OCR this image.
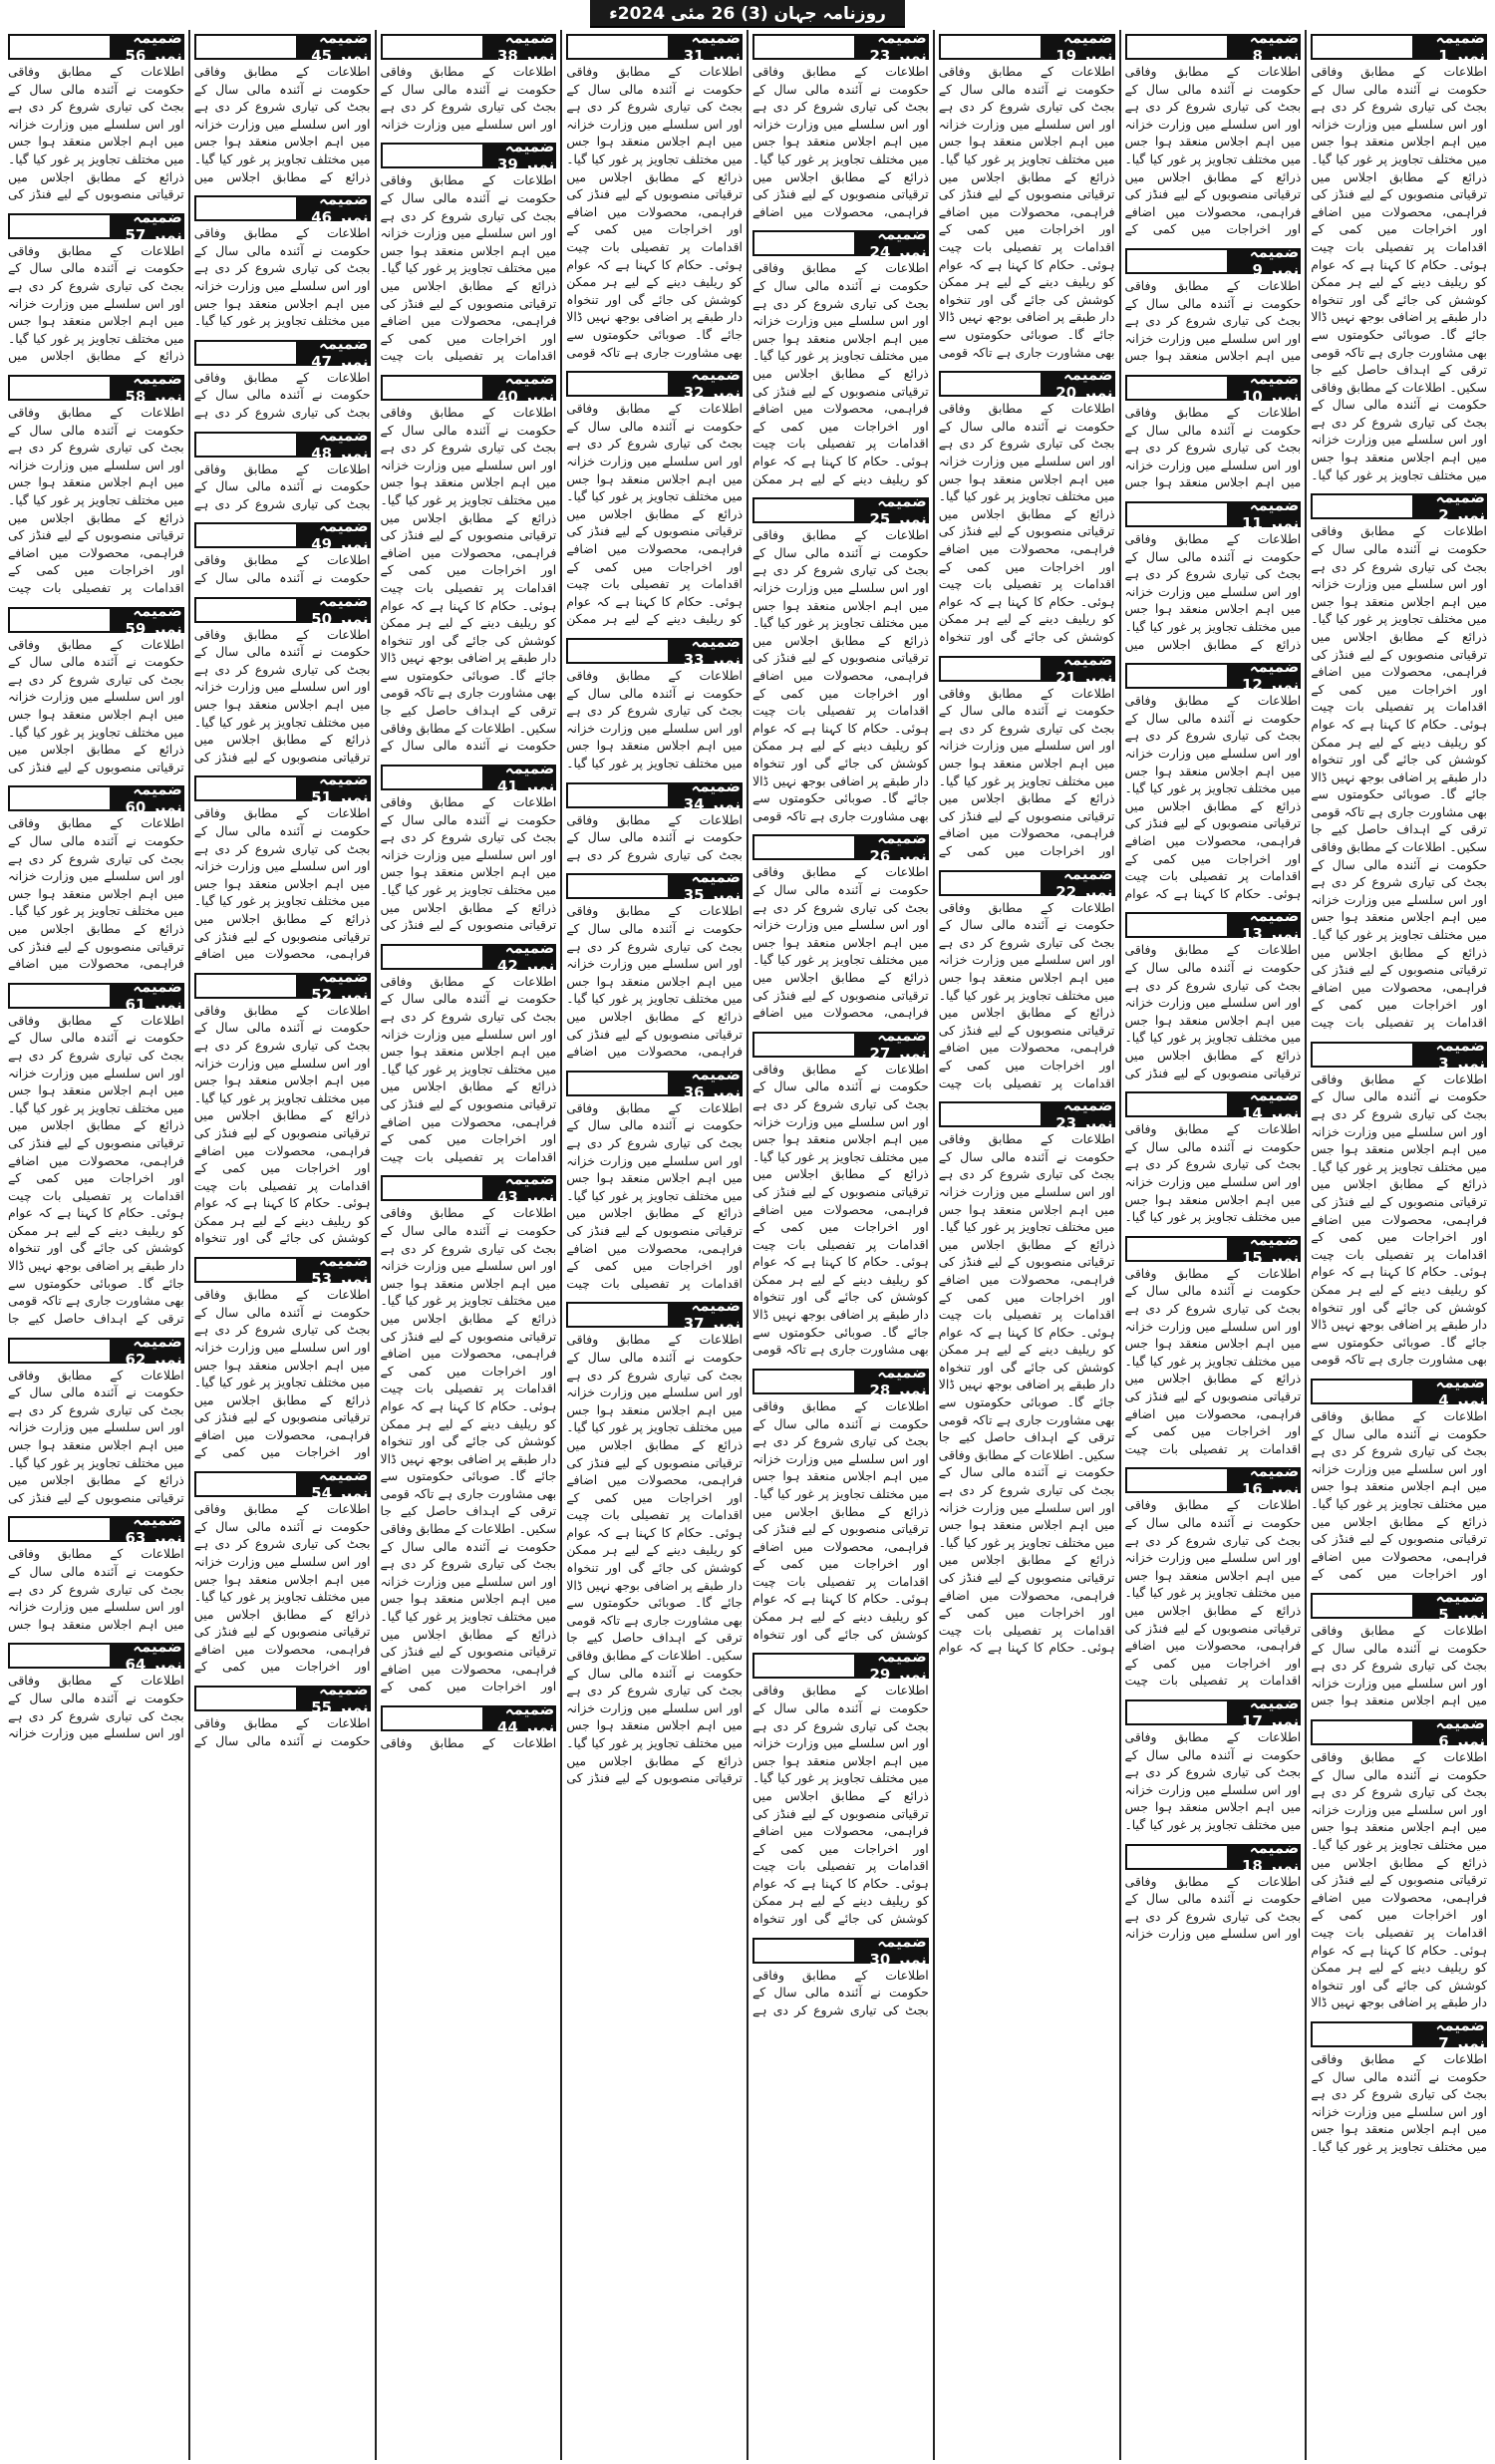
روزنامہ جہان (3) 26 مئی 2024ء
ضمیمہ نمبر 1
اطلاعات کے مطابق وفاقی حکومت نے آئندہ مالی سال کے بجٹ کی تیاری شروع کر دی ہے اور اس سلسلے میں وزارت خزانہ میں اہم اجلاس منعقد ہوا جس میں مختلف تجاویز پر غور کیا گیا۔ ذرائع کے مطابق اجلاس میں ترقیاتی منصوبوں کے لیے فنڈز کی فراہمی، محصولات میں اضافے اور اخراجات میں کمی کے اقدامات پر تفصیلی بات چیت ہوئی۔ حکام کا کہنا ہے کہ عوام کو ریلیف دینے کے لیے ہر ممکن کوشش کی جائے گی اور تنخواہ دار طبقے پر اضافی بوجھ نہیں ڈالا جائے گا۔ صوبائی حکومتوں سے بھی مشاورت جاری ہے تاکہ قومی ترقی کے اہداف حاصل کیے جا سکیں۔ اطلاعات کے مطابق وفاقی حکومت نے آئندہ مالی سال کے بجٹ کی تیاری شروع کر دی ہے اور اس سلسلے میں وزارت خزانہ میں اہم اجلاس منعقد ہوا جس میں مختلف تجاویز پر غور کیا گیا۔
ضمیمہ نمبر 2
اطلاعات کے مطابق وفاقی حکومت نے آئندہ مالی سال کے بجٹ کی تیاری شروع کر دی ہے اور اس سلسلے میں وزارت خزانہ میں اہم اجلاس منعقد ہوا جس میں مختلف تجاویز پر غور کیا گیا۔ ذرائع کے مطابق اجلاس میں ترقیاتی منصوبوں کے لیے فنڈز کی فراہمی، محصولات میں اضافے اور اخراجات میں کمی کے اقدامات پر تفصیلی بات چیت ہوئی۔ حکام کا کہنا ہے کہ عوام کو ریلیف دینے کے لیے ہر ممکن کوشش کی جائے گی اور تنخواہ دار طبقے پر اضافی بوجھ نہیں ڈالا جائے گا۔ صوبائی حکومتوں سے بھی مشاورت جاری ہے تاکہ قومی ترقی کے اہداف حاصل کیے جا سکیں۔ اطلاعات کے مطابق وفاقی حکومت نے آئندہ مالی سال کے بجٹ کی تیاری شروع کر دی ہے اور اس سلسلے میں وزارت خزانہ میں اہم اجلاس منعقد ہوا جس میں مختلف تجاویز پر غور کیا گیا۔ ذرائع کے مطابق اجلاس میں ترقیاتی منصوبوں کے لیے فنڈز کی فراہمی، محصولات میں اضافے اور اخراجات میں کمی کے اقدامات پر تفصیلی بات چیت
ضمیمہ نمبر 3
اطلاعات کے مطابق وفاقی حکومت نے آئندہ مالی سال کے بجٹ کی تیاری شروع کر دی ہے اور اس سلسلے میں وزارت خزانہ میں اہم اجلاس منعقد ہوا جس میں مختلف تجاویز پر غور کیا گیا۔ ذرائع کے مطابق اجلاس میں ترقیاتی منصوبوں کے لیے فنڈز کی فراہمی، محصولات میں اضافے اور اخراجات میں کمی کے اقدامات پر تفصیلی بات چیت ہوئی۔ حکام کا کہنا ہے کہ عوام کو ریلیف دینے کے لیے ہر ممکن کوشش کی جائے گی اور تنخواہ دار طبقے پر اضافی بوجھ نہیں ڈالا جائے گا۔ صوبائی حکومتوں سے بھی مشاورت جاری ہے تاکہ قومی
ضمیمہ نمبر 4
اطلاعات کے مطابق وفاقی حکومت نے آئندہ مالی سال کے بجٹ کی تیاری شروع کر دی ہے اور اس سلسلے میں وزارت خزانہ میں اہم اجلاس منعقد ہوا جس میں مختلف تجاویز پر غور کیا گیا۔ ذرائع کے مطابق اجلاس میں ترقیاتی منصوبوں کے لیے فنڈز کی فراہمی، محصولات میں اضافے اور اخراجات میں کمی کے
ضمیمہ نمبر 5
اطلاعات کے مطابق وفاقی حکومت نے آئندہ مالی سال کے بجٹ کی تیاری شروع کر دی ہے اور اس سلسلے میں وزارت خزانہ میں اہم اجلاس منعقد ہوا جس
ضمیمہ نمبر 6
اطلاعات کے مطابق وفاقی حکومت نے آئندہ مالی سال کے بجٹ کی تیاری شروع کر دی ہے اور اس سلسلے میں وزارت خزانہ میں اہم اجلاس منعقد ہوا جس میں مختلف تجاویز پر غور کیا گیا۔ ذرائع کے مطابق اجلاس میں ترقیاتی منصوبوں کے لیے فنڈز کی فراہمی، محصولات میں اضافے اور اخراجات میں کمی کے اقدامات پر تفصیلی بات چیت ہوئی۔ حکام کا کہنا ہے کہ عوام کو ریلیف دینے کے لیے ہر ممکن کوشش کی جائے گی اور تنخواہ دار طبقے پر اضافی بوجھ نہیں ڈالا
ضمیمہ نمبر 7
اطلاعات کے مطابق وفاقی حکومت نے آئندہ مالی سال کے بجٹ کی تیاری شروع کر دی ہے اور اس سلسلے میں وزارت خزانہ میں اہم اجلاس منعقد ہوا جس میں مختلف تجاویز پر غور کیا گیا۔
ضمیمہ نمبر 8
اطلاعات کے مطابق وفاقی حکومت نے آئندہ مالی سال کے بجٹ کی تیاری شروع کر دی ہے اور اس سلسلے میں وزارت خزانہ میں اہم اجلاس منعقد ہوا جس میں مختلف تجاویز پر غور کیا گیا۔ ذرائع کے مطابق اجلاس میں ترقیاتی منصوبوں کے لیے فنڈز کی فراہمی، محصولات میں اضافے اور اخراجات میں کمی کے
ضمیمہ نمبر 9
اطلاعات کے مطابق وفاقی حکومت نے آئندہ مالی سال کے بجٹ کی تیاری شروع کر دی ہے اور اس سلسلے میں وزارت خزانہ میں اہم اجلاس منعقد ہوا جس
ضمیمہ نمبر 10
اطلاعات کے مطابق وفاقی حکومت نے آئندہ مالی سال کے بجٹ کی تیاری شروع کر دی ہے اور اس سلسلے میں وزارت خزانہ میں اہم اجلاس منعقد ہوا جس
ضمیمہ نمبر 11
اطلاعات کے مطابق وفاقی حکومت نے آئندہ مالی سال کے بجٹ کی تیاری شروع کر دی ہے اور اس سلسلے میں وزارت خزانہ میں اہم اجلاس منعقد ہوا جس میں مختلف تجاویز پر غور کیا گیا۔ ذرائع کے مطابق اجلاس میں
ضمیمہ نمبر 12
اطلاعات کے مطابق وفاقی حکومت نے آئندہ مالی سال کے بجٹ کی تیاری شروع کر دی ہے اور اس سلسلے میں وزارت خزانہ میں اہم اجلاس منعقد ہوا جس میں مختلف تجاویز پر غور کیا گیا۔ ذرائع کے مطابق اجلاس میں ترقیاتی منصوبوں کے لیے فنڈز کی فراہمی، محصولات میں اضافے اور اخراجات میں کمی کے اقدامات پر تفصیلی بات چیت ہوئی۔ حکام کا کہنا ہے کہ عوام
ضمیمہ نمبر 13
اطلاعات کے مطابق وفاقی حکومت نے آئندہ مالی سال کے بجٹ کی تیاری شروع کر دی ہے اور اس سلسلے میں وزارت خزانہ میں اہم اجلاس منعقد ہوا جس میں مختلف تجاویز پر غور کیا گیا۔ ذرائع کے مطابق اجلاس میں ترقیاتی منصوبوں کے لیے فنڈز کی
ضمیمہ نمبر 14
اطلاعات کے مطابق وفاقی حکومت نے آئندہ مالی سال کے بجٹ کی تیاری شروع کر دی ہے اور اس سلسلے میں وزارت خزانہ میں اہم اجلاس منعقد ہوا جس میں مختلف تجاویز پر غور کیا گیا۔
ضمیمہ نمبر 15
اطلاعات کے مطابق وفاقی حکومت نے آئندہ مالی سال کے بجٹ کی تیاری شروع کر دی ہے اور اس سلسلے میں وزارت خزانہ میں اہم اجلاس منعقد ہوا جس میں مختلف تجاویز پر غور کیا گیا۔ ذرائع کے مطابق اجلاس میں ترقیاتی منصوبوں کے لیے فنڈز کی فراہمی، محصولات میں اضافے اور اخراجات میں کمی کے اقدامات پر تفصیلی بات چیت
ضمیمہ نمبر 16
اطلاعات کے مطابق وفاقی حکومت نے آئندہ مالی سال کے بجٹ کی تیاری شروع کر دی ہے اور اس سلسلے میں وزارت خزانہ میں اہم اجلاس منعقد ہوا جس میں مختلف تجاویز پر غور کیا گیا۔ ذرائع کے مطابق اجلاس میں ترقیاتی منصوبوں کے لیے فنڈز کی فراہمی، محصولات میں اضافے اور اخراجات میں کمی کے اقدامات پر تفصیلی بات چیت
ضمیمہ نمبر 17
اطلاعات کے مطابق وفاقی حکومت نے آئندہ مالی سال کے بجٹ کی تیاری شروع کر دی ہے اور اس سلسلے میں وزارت خزانہ میں اہم اجلاس منعقد ہوا جس میں مختلف تجاویز پر غور کیا گیا۔
ضمیمہ نمبر 18
اطلاعات کے مطابق وفاقی حکومت نے آئندہ مالی سال کے بجٹ کی تیاری شروع کر دی ہے اور اس سلسلے میں وزارت خزانہ
ضمیمہ نمبر 19
اطلاعات کے مطابق وفاقی حکومت نے آئندہ مالی سال کے بجٹ کی تیاری شروع کر دی ہے اور اس سلسلے میں وزارت خزانہ میں اہم اجلاس منعقد ہوا جس میں مختلف تجاویز پر غور کیا گیا۔ ذرائع کے مطابق اجلاس میں ترقیاتی منصوبوں کے لیے فنڈز کی فراہمی، محصولات میں اضافے اور اخراجات میں کمی کے اقدامات پر تفصیلی بات چیت ہوئی۔ حکام کا کہنا ہے کہ عوام کو ریلیف دینے کے لیے ہر ممکن کوشش کی جائے گی اور تنخواہ دار طبقے پر اضافی بوجھ نہیں ڈالا جائے گا۔ صوبائی حکومتوں سے بھی مشاورت جاری ہے تاکہ قومی
ضمیمہ نمبر 20
اطلاعات کے مطابق وفاقی حکومت نے آئندہ مالی سال کے بجٹ کی تیاری شروع کر دی ہے اور اس سلسلے میں وزارت خزانہ میں اہم اجلاس منعقد ہوا جس میں مختلف تجاویز پر غور کیا گیا۔ ذرائع کے مطابق اجلاس میں ترقیاتی منصوبوں کے لیے فنڈز کی فراہمی، محصولات میں اضافے اور اخراجات میں کمی کے اقدامات پر تفصیلی بات چیت ہوئی۔ حکام کا کہنا ہے کہ عوام کو ریلیف دینے کے لیے ہر ممکن کوشش کی جائے گی اور تنخواہ
ضمیمہ نمبر 21
اطلاعات کے مطابق وفاقی حکومت نے آئندہ مالی سال کے بجٹ کی تیاری شروع کر دی ہے اور اس سلسلے میں وزارت خزانہ میں اہم اجلاس منعقد ہوا جس میں مختلف تجاویز پر غور کیا گیا۔ ذرائع کے مطابق اجلاس میں ترقیاتی منصوبوں کے لیے فنڈز کی فراہمی، محصولات میں اضافے اور اخراجات میں کمی کے
ضمیمہ نمبر 22
اطلاعات کے مطابق وفاقی حکومت نے آئندہ مالی سال کے بجٹ کی تیاری شروع کر دی ہے اور اس سلسلے میں وزارت خزانہ میں اہم اجلاس منعقد ہوا جس میں مختلف تجاویز پر غور کیا گیا۔ ذرائع کے مطابق اجلاس میں ترقیاتی منصوبوں کے لیے فنڈز کی فراہمی، محصولات میں اضافے اور اخراجات میں کمی کے اقدامات پر تفصیلی بات چیت
ضمیمہ نمبر 23
اطلاعات کے مطابق وفاقی حکومت نے آئندہ مالی سال کے بجٹ کی تیاری شروع کر دی ہے اور اس سلسلے میں وزارت خزانہ میں اہم اجلاس منعقد ہوا جس میں مختلف تجاویز پر غور کیا گیا۔ ذرائع کے مطابق اجلاس میں ترقیاتی منصوبوں کے لیے فنڈز کی فراہمی، محصولات میں اضافے اور اخراجات میں کمی کے اقدامات پر تفصیلی بات چیت ہوئی۔ حکام کا کہنا ہے کہ عوام کو ریلیف دینے کے لیے ہر ممکن کوشش کی جائے گی اور تنخواہ دار طبقے پر اضافی بوجھ نہیں ڈالا جائے گا۔ صوبائی حکومتوں سے بھی مشاورت جاری ہے تاکہ قومی ترقی کے اہداف حاصل کیے جا سکیں۔ اطلاعات کے مطابق وفاقی حکومت نے آئندہ مالی سال کے بجٹ کی تیاری شروع کر دی ہے اور اس سلسلے میں وزارت خزانہ میں اہم اجلاس منعقد ہوا جس میں مختلف تجاویز پر غور کیا گیا۔ ذرائع کے مطابق اجلاس میں ترقیاتی منصوبوں کے لیے فنڈز کی فراہمی، محصولات میں اضافے اور اخراجات میں کمی کے اقدامات پر تفصیلی بات چیت ہوئی۔ حکام کا کہنا ہے کہ عوام
ضمیمہ نمبر 23
اطلاعات کے مطابق وفاقی حکومت نے آئندہ مالی سال کے بجٹ کی تیاری شروع کر دی ہے اور اس سلسلے میں وزارت خزانہ میں اہم اجلاس منعقد ہوا جس میں مختلف تجاویز پر غور کیا گیا۔ ذرائع کے مطابق اجلاس میں ترقیاتی منصوبوں کے لیے فنڈز کی فراہمی، محصولات میں اضافے
ضمیمہ نمبر 24
اطلاعات کے مطابق وفاقی حکومت نے آئندہ مالی سال کے بجٹ کی تیاری شروع کر دی ہے اور اس سلسلے میں وزارت خزانہ میں اہم اجلاس منعقد ہوا جس میں مختلف تجاویز پر غور کیا گیا۔ ذرائع کے مطابق اجلاس میں ترقیاتی منصوبوں کے لیے فنڈز کی فراہمی، محصولات میں اضافے اور اخراجات میں کمی کے اقدامات پر تفصیلی بات چیت ہوئی۔ حکام کا کہنا ہے کہ عوام کو ریلیف دینے کے لیے ہر ممکن
ضمیمہ نمبر 25
اطلاعات کے مطابق وفاقی حکومت نے آئندہ مالی سال کے بجٹ کی تیاری شروع کر دی ہے اور اس سلسلے میں وزارت خزانہ میں اہم اجلاس منعقد ہوا جس میں مختلف تجاویز پر غور کیا گیا۔ ذرائع کے مطابق اجلاس میں ترقیاتی منصوبوں کے لیے فنڈز کی فراہمی، محصولات میں اضافے اور اخراجات میں کمی کے اقدامات پر تفصیلی بات چیت ہوئی۔ حکام کا کہنا ہے کہ عوام کو ریلیف دینے کے لیے ہر ممکن کوشش کی جائے گی اور تنخواہ دار طبقے پر اضافی بوجھ نہیں ڈالا جائے گا۔ صوبائی حکومتوں سے بھی مشاورت جاری ہے تاکہ قومی
ضمیمہ نمبر 26
اطلاعات کے مطابق وفاقی حکومت نے آئندہ مالی سال کے بجٹ کی تیاری شروع کر دی ہے اور اس سلسلے میں وزارت خزانہ میں اہم اجلاس منعقد ہوا جس میں مختلف تجاویز پر غور کیا گیا۔ ذرائع کے مطابق اجلاس میں ترقیاتی منصوبوں کے لیے فنڈز کی فراہمی، محصولات میں اضافے
ضمیمہ نمبر 27
اطلاعات کے مطابق وفاقی حکومت نے آئندہ مالی سال کے بجٹ کی تیاری شروع کر دی ہے اور اس سلسلے میں وزارت خزانہ میں اہم اجلاس منعقد ہوا جس میں مختلف تجاویز پر غور کیا گیا۔ ذرائع کے مطابق اجلاس میں ترقیاتی منصوبوں کے لیے فنڈز کی فراہمی، محصولات میں اضافے اور اخراجات میں کمی کے اقدامات پر تفصیلی بات چیت ہوئی۔ حکام کا کہنا ہے کہ عوام کو ریلیف دینے کے لیے ہر ممکن کوشش کی جائے گی اور تنخواہ دار طبقے پر اضافی بوجھ نہیں ڈالا جائے گا۔ صوبائی حکومتوں سے بھی مشاورت جاری ہے تاکہ قومی
ضمیمہ نمبر 28
اطلاعات کے مطابق وفاقی حکومت نے آئندہ مالی سال کے بجٹ کی تیاری شروع کر دی ہے اور اس سلسلے میں وزارت خزانہ میں اہم اجلاس منعقد ہوا جس میں مختلف تجاویز پر غور کیا گیا۔ ذرائع کے مطابق اجلاس میں ترقیاتی منصوبوں کے لیے فنڈز کی فراہمی، محصولات میں اضافے اور اخراجات میں کمی کے اقدامات پر تفصیلی بات چیت ہوئی۔ حکام کا کہنا ہے کہ عوام کو ریلیف دینے کے لیے ہر ممکن کوشش کی جائے گی اور تنخواہ
ضمیمہ نمبر 29
اطلاعات کے مطابق وفاقی حکومت نے آئندہ مالی سال کے بجٹ کی تیاری شروع کر دی ہے اور اس سلسلے میں وزارت خزانہ میں اہم اجلاس منعقد ہوا جس میں مختلف تجاویز پر غور کیا گیا۔ ذرائع کے مطابق اجلاس میں ترقیاتی منصوبوں کے لیے فنڈز کی فراہمی، محصولات میں اضافے اور اخراجات میں کمی کے اقدامات پر تفصیلی بات چیت ہوئی۔ حکام کا کہنا ہے کہ عوام کو ریلیف دینے کے لیے ہر ممکن کوشش کی جائے گی اور تنخواہ
ضمیمہ نمبر 30
اطلاعات کے مطابق وفاقی حکومت نے آئندہ مالی سال کے بجٹ کی تیاری شروع کر دی ہے
ضمیمہ نمبر 31
اطلاعات کے مطابق وفاقی حکومت نے آئندہ مالی سال کے بجٹ کی تیاری شروع کر دی ہے اور اس سلسلے میں وزارت خزانہ میں اہم اجلاس منعقد ہوا جس میں مختلف تجاویز پر غور کیا گیا۔ ذرائع کے مطابق اجلاس میں ترقیاتی منصوبوں کے لیے فنڈز کی فراہمی، محصولات میں اضافے اور اخراجات میں کمی کے اقدامات پر تفصیلی بات چیت ہوئی۔ حکام کا کہنا ہے کہ عوام کو ریلیف دینے کے لیے ہر ممکن کوشش کی جائے گی اور تنخواہ دار طبقے پر اضافی بوجھ نہیں ڈالا جائے گا۔ صوبائی حکومتوں سے بھی مشاورت جاری ہے تاکہ قومی
ضمیمہ نمبر 32
اطلاعات کے مطابق وفاقی حکومت نے آئندہ مالی سال کے بجٹ کی تیاری شروع کر دی ہے اور اس سلسلے میں وزارت خزانہ میں اہم اجلاس منعقد ہوا جس میں مختلف تجاویز پر غور کیا گیا۔ ذرائع کے مطابق اجلاس میں ترقیاتی منصوبوں کے لیے فنڈز کی فراہمی، محصولات میں اضافے اور اخراجات میں کمی کے اقدامات پر تفصیلی بات چیت ہوئی۔ حکام کا کہنا ہے کہ عوام کو ریلیف دینے کے لیے ہر ممکن
ضمیمہ نمبر 33
اطلاعات کے مطابق وفاقی حکومت نے آئندہ مالی سال کے بجٹ کی تیاری شروع کر دی ہے اور اس سلسلے میں وزارت خزانہ میں اہم اجلاس منعقد ہوا جس میں مختلف تجاویز پر غور کیا گیا۔
ضمیمہ نمبر 34
اطلاعات کے مطابق وفاقی حکومت نے آئندہ مالی سال کے بجٹ کی تیاری شروع کر دی ہے
ضمیمہ نمبر 35
اطلاعات کے مطابق وفاقی حکومت نے آئندہ مالی سال کے بجٹ کی تیاری شروع کر دی ہے اور اس سلسلے میں وزارت خزانہ میں اہم اجلاس منعقد ہوا جس میں مختلف تجاویز پر غور کیا گیا۔ ذرائع کے مطابق اجلاس میں ترقیاتی منصوبوں کے لیے فنڈز کی فراہمی، محصولات میں اضافے
ضمیمہ نمبر 36
اطلاعات کے مطابق وفاقی حکومت نے آئندہ مالی سال کے بجٹ کی تیاری شروع کر دی ہے اور اس سلسلے میں وزارت خزانہ میں اہم اجلاس منعقد ہوا جس میں مختلف تجاویز پر غور کیا گیا۔ ذرائع کے مطابق اجلاس میں ترقیاتی منصوبوں کے لیے فنڈز کی فراہمی، محصولات میں اضافے اور اخراجات میں کمی کے اقدامات پر تفصیلی بات چیت
ضمیمہ نمبر 37
اطلاعات کے مطابق وفاقی حکومت نے آئندہ مالی سال کے بجٹ کی تیاری شروع کر دی ہے اور اس سلسلے میں وزارت خزانہ میں اہم اجلاس منعقد ہوا جس میں مختلف تجاویز پر غور کیا گیا۔ ذرائع کے مطابق اجلاس میں ترقیاتی منصوبوں کے لیے فنڈز کی فراہمی، محصولات میں اضافے اور اخراجات میں کمی کے اقدامات پر تفصیلی بات چیت ہوئی۔ حکام کا کہنا ہے کہ عوام کو ریلیف دینے کے لیے ہر ممکن کوشش کی جائے گی اور تنخواہ دار طبقے پر اضافی بوجھ نہیں ڈالا جائے گا۔ صوبائی حکومتوں سے بھی مشاورت جاری ہے تاکہ قومی ترقی کے اہداف حاصل کیے جا سکیں۔ اطلاعات کے مطابق وفاقی حکومت نے آئندہ مالی سال کے بجٹ کی تیاری شروع کر دی ہے اور اس سلسلے میں وزارت خزانہ میں اہم اجلاس منعقد ہوا جس میں مختلف تجاویز پر غور کیا گیا۔ ذرائع کے مطابق اجلاس میں ترقیاتی منصوبوں کے لیے فنڈز کی
ضمیمہ نمبر 38
اطلاعات کے مطابق وفاقی حکومت نے آئندہ مالی سال کے بجٹ کی تیاری شروع کر دی ہے اور اس سلسلے میں وزارت خزانہ
ضمیمہ نمبر 39
اطلاعات کے مطابق وفاقی حکومت نے آئندہ مالی سال کے بجٹ کی تیاری شروع کر دی ہے اور اس سلسلے میں وزارت خزانہ میں اہم اجلاس منعقد ہوا جس میں مختلف تجاویز پر غور کیا گیا۔ ذرائع کے مطابق اجلاس میں ترقیاتی منصوبوں کے لیے فنڈز کی فراہمی، محصولات میں اضافے اور اخراجات میں کمی کے اقدامات پر تفصیلی بات چیت
ضمیمہ نمبر 40
اطلاعات کے مطابق وفاقی حکومت نے آئندہ مالی سال کے بجٹ کی تیاری شروع کر دی ہے اور اس سلسلے میں وزارت خزانہ میں اہم اجلاس منعقد ہوا جس میں مختلف تجاویز پر غور کیا گیا۔ ذرائع کے مطابق اجلاس میں ترقیاتی منصوبوں کے لیے فنڈز کی فراہمی، محصولات میں اضافے اور اخراجات میں کمی کے اقدامات پر تفصیلی بات چیت ہوئی۔ حکام کا کہنا ہے کہ عوام کو ریلیف دینے کے لیے ہر ممکن کوشش کی جائے گی اور تنخواہ دار طبقے پر اضافی بوجھ نہیں ڈالا جائے گا۔ صوبائی حکومتوں سے بھی مشاورت جاری ہے تاکہ قومی ترقی کے اہداف حاصل کیے جا سکیں۔ اطلاعات کے مطابق وفاقی حکومت نے آئندہ مالی سال کے
ضمیمہ نمبر 41
اطلاعات کے مطابق وفاقی حکومت نے آئندہ مالی سال کے بجٹ کی تیاری شروع کر دی ہے اور اس سلسلے میں وزارت خزانہ میں اہم اجلاس منعقد ہوا جس میں مختلف تجاویز پر غور کیا گیا۔ ذرائع کے مطابق اجلاس میں ترقیاتی منصوبوں کے لیے فنڈز کی
ضمیمہ نمبر 42
اطلاعات کے مطابق وفاقی حکومت نے آئندہ مالی سال کے بجٹ کی تیاری شروع کر دی ہے اور اس سلسلے میں وزارت خزانہ میں اہم اجلاس منعقد ہوا جس میں مختلف تجاویز پر غور کیا گیا۔ ذرائع کے مطابق اجلاس میں ترقیاتی منصوبوں کے لیے فنڈز کی فراہمی، محصولات میں اضافے اور اخراجات میں کمی کے اقدامات پر تفصیلی بات چیت
ضمیمہ نمبر 43
اطلاعات کے مطابق وفاقی حکومت نے آئندہ مالی سال کے بجٹ کی تیاری شروع کر دی ہے اور اس سلسلے میں وزارت خزانہ میں اہم اجلاس منعقد ہوا جس میں مختلف تجاویز پر غور کیا گیا۔ ذرائع کے مطابق اجلاس میں ترقیاتی منصوبوں کے لیے فنڈز کی فراہمی، محصولات میں اضافے اور اخراجات میں کمی کے اقدامات پر تفصیلی بات چیت ہوئی۔ حکام کا کہنا ہے کہ عوام کو ریلیف دینے کے لیے ہر ممکن کوشش کی جائے گی اور تنخواہ دار طبقے پر اضافی بوجھ نہیں ڈالا جائے گا۔ صوبائی حکومتوں سے بھی مشاورت جاری ہے تاکہ قومی ترقی کے اہداف حاصل کیے جا سکیں۔ اطلاعات کے مطابق وفاقی حکومت نے آئندہ مالی سال کے بجٹ کی تیاری شروع کر دی ہے اور اس سلسلے میں وزارت خزانہ میں اہم اجلاس منعقد ہوا جس میں مختلف تجاویز پر غور کیا گیا۔ ذرائع کے مطابق اجلاس میں ترقیاتی منصوبوں کے لیے فنڈز کی فراہمی، محصولات میں اضافے اور اخراجات میں کمی کے
ضمیمہ نمبر 44
اطلاعات کے مطابق وفاقی
ضمیمہ نمبر 45
اطلاعات کے مطابق وفاقی حکومت نے آئندہ مالی سال کے بجٹ کی تیاری شروع کر دی ہے اور اس سلسلے میں وزارت خزانہ میں اہم اجلاس منعقد ہوا جس میں مختلف تجاویز پر غور کیا گیا۔ ذرائع کے مطابق اجلاس میں
ضمیمہ نمبر 46
اطلاعات کے مطابق وفاقی حکومت نے آئندہ مالی سال کے بجٹ کی تیاری شروع کر دی ہے اور اس سلسلے میں وزارت خزانہ میں اہم اجلاس منعقد ہوا جس میں مختلف تجاویز پر غور کیا گیا۔
ضمیمہ نمبر 47
اطلاعات کے مطابق وفاقی حکومت نے آئندہ مالی سال کے بجٹ کی تیاری شروع کر دی ہے
ضمیمہ نمبر 48
اطلاعات کے مطابق وفاقی حکومت نے آئندہ مالی سال کے بجٹ کی تیاری شروع کر دی ہے
ضمیمہ نمبر 49
اطلاعات کے مطابق وفاقی حکومت نے آئندہ مالی سال کے
ضمیمہ نمبر 50
اطلاعات کے مطابق وفاقی حکومت نے آئندہ مالی سال کے بجٹ کی تیاری شروع کر دی ہے اور اس سلسلے میں وزارت خزانہ میں اہم اجلاس منعقد ہوا جس میں مختلف تجاویز پر غور کیا گیا۔ ذرائع کے مطابق اجلاس میں ترقیاتی منصوبوں کے لیے فنڈز کی
ضمیمہ نمبر 51
اطلاعات کے مطابق وفاقی حکومت نے آئندہ مالی سال کے بجٹ کی تیاری شروع کر دی ہے اور اس سلسلے میں وزارت خزانہ میں اہم اجلاس منعقد ہوا جس میں مختلف تجاویز پر غور کیا گیا۔ ذرائع کے مطابق اجلاس میں ترقیاتی منصوبوں کے لیے فنڈز کی فراہمی، محصولات میں اضافے
ضمیمہ نمبر 52
اطلاعات کے مطابق وفاقی حکومت نے آئندہ مالی سال کے بجٹ کی تیاری شروع کر دی ہے اور اس سلسلے میں وزارت خزانہ میں اہم اجلاس منعقد ہوا جس میں مختلف تجاویز پر غور کیا گیا۔ ذرائع کے مطابق اجلاس میں ترقیاتی منصوبوں کے لیے فنڈز کی فراہمی، محصولات میں اضافے اور اخراجات میں کمی کے اقدامات پر تفصیلی بات چیت ہوئی۔ حکام کا کہنا ہے کہ عوام کو ریلیف دینے کے لیے ہر ممکن کوشش کی جائے گی اور تنخواہ
ضمیمہ نمبر 53
اطلاعات کے مطابق وفاقی حکومت نے آئندہ مالی سال کے بجٹ کی تیاری شروع کر دی ہے اور اس سلسلے میں وزارت خزانہ میں اہم اجلاس منعقد ہوا جس میں مختلف تجاویز پر غور کیا گیا۔ ذرائع کے مطابق اجلاس میں ترقیاتی منصوبوں کے لیے فنڈز کی فراہمی، محصولات میں اضافے اور اخراجات میں کمی کے
ضمیمہ نمبر 54
اطلاعات کے مطابق وفاقی حکومت نے آئندہ مالی سال کے بجٹ کی تیاری شروع کر دی ہے اور اس سلسلے میں وزارت خزانہ میں اہم اجلاس منعقد ہوا جس میں مختلف تجاویز پر غور کیا گیا۔ ذرائع کے مطابق اجلاس میں ترقیاتی منصوبوں کے لیے فنڈز کی فراہمی، محصولات میں اضافے اور اخراجات میں کمی کے
ضمیمہ نمبر 55
اطلاعات کے مطابق وفاقی حکومت نے آئندہ مالی سال کے
ضمیمہ نمبر 56
اطلاعات کے مطابق وفاقی حکومت نے آئندہ مالی سال کے بجٹ کی تیاری شروع کر دی ہے اور اس سلسلے میں وزارت خزانہ میں اہم اجلاس منعقد ہوا جس میں مختلف تجاویز پر غور کیا گیا۔ ذرائع کے مطابق اجلاس میں ترقیاتی منصوبوں کے لیے فنڈز کی
ضمیمہ نمبر 57
اطلاعات کے مطابق وفاقی حکومت نے آئندہ مالی سال کے بجٹ کی تیاری شروع کر دی ہے اور اس سلسلے میں وزارت خزانہ میں اہم اجلاس منعقد ہوا جس میں مختلف تجاویز پر غور کیا گیا۔ ذرائع کے مطابق اجلاس میں
ضمیمہ نمبر 58
اطلاعات کے مطابق وفاقی حکومت نے آئندہ مالی سال کے بجٹ کی تیاری شروع کر دی ہے اور اس سلسلے میں وزارت خزانہ میں اہم اجلاس منعقد ہوا جس میں مختلف تجاویز پر غور کیا گیا۔ ذرائع کے مطابق اجلاس میں ترقیاتی منصوبوں کے لیے فنڈز کی فراہمی، محصولات میں اضافے اور اخراجات میں کمی کے اقدامات پر تفصیلی بات چیت
ضمیمہ نمبر 59
اطلاعات کے مطابق وفاقی حکومت نے آئندہ مالی سال کے بجٹ کی تیاری شروع کر دی ہے اور اس سلسلے میں وزارت خزانہ میں اہم اجلاس منعقد ہوا جس میں مختلف تجاویز پر غور کیا گیا۔ ذرائع کے مطابق اجلاس میں ترقیاتی منصوبوں کے لیے فنڈز کی
ضمیمہ نمبر 60
اطلاعات کے مطابق وفاقی حکومت نے آئندہ مالی سال کے بجٹ کی تیاری شروع کر دی ہے اور اس سلسلے میں وزارت خزانہ میں اہم اجلاس منعقد ہوا جس میں مختلف تجاویز پر غور کیا گیا۔ ذرائع کے مطابق اجلاس میں ترقیاتی منصوبوں کے لیے فنڈز کی فراہمی، محصولات میں اضافے
ضمیمہ نمبر 61
اطلاعات کے مطابق وفاقی حکومت نے آئندہ مالی سال کے بجٹ کی تیاری شروع کر دی ہے اور اس سلسلے میں وزارت خزانہ میں اہم اجلاس منعقد ہوا جس میں مختلف تجاویز پر غور کیا گیا۔ ذرائع کے مطابق اجلاس میں ترقیاتی منصوبوں کے لیے فنڈز کی فراہمی، محصولات میں اضافے اور اخراجات میں کمی کے اقدامات پر تفصیلی بات چیت ہوئی۔ حکام کا کہنا ہے کہ عوام کو ریلیف دینے کے لیے ہر ممکن کوشش کی جائے گی اور تنخواہ دار طبقے پر اضافی بوجھ نہیں ڈالا جائے گا۔ صوبائی حکومتوں سے بھی مشاورت جاری ہے تاکہ قومی ترقی کے اہداف حاصل کیے جا
ضمیمہ نمبر 62
اطلاعات کے مطابق وفاقی حکومت نے آئندہ مالی سال کے بجٹ کی تیاری شروع کر دی ہے اور اس سلسلے میں وزارت خزانہ میں اہم اجلاس منعقد ہوا جس میں مختلف تجاویز پر غور کیا گیا۔ ذرائع کے مطابق اجلاس میں ترقیاتی منصوبوں کے لیے فنڈز کی
ضمیمہ نمبر 63
اطلاعات کے مطابق وفاقی حکومت نے آئندہ مالی سال کے بجٹ کی تیاری شروع کر دی ہے اور اس سلسلے میں وزارت خزانہ میں اہم اجلاس منعقد ہوا جس
ضمیمہ نمبر 64
اطلاعات کے مطابق وفاقی حکومت نے آئندہ مالی سال کے بجٹ کی تیاری شروع کر دی ہے اور اس سلسلے میں وزارت خزانہ
